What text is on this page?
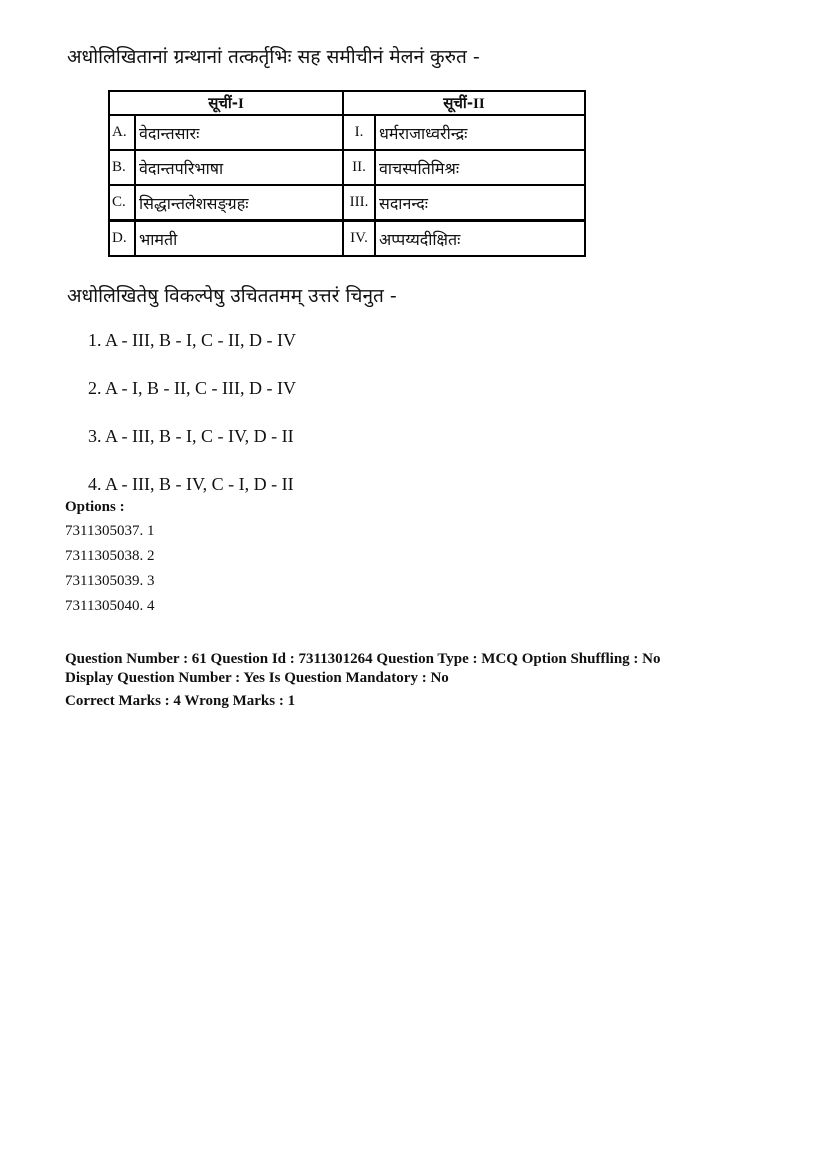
अधोलिखितानां ग्रन्थानां तत्कर्तृभिः सह समीचीनं मेलनं कुरुत -
सूचीं-I		सूचीं-II	
A.	वेदान्तसारः	I.	धर्मराजाध्वरीन्द्रः
B.	वेदान्तपरिभाषा	II.	वाचस्पतिमिश्रः
C.	सिद्धान्तलेशसङ्ग्रहः	III.	सदानन्दः
D.	भामती	IV.	अप्पय्यदीक्षितः
अधोलिखितेषु विकल्पेषु उचिततमम् उत्तरं चिनुत -
1. A - III, B - I, C - II, D - IV
2. A - I, B - II, C - III, D - IV
3. A - III, B - I, C - IV, D - II
4. A - III, B - IV, C - I, D - II
Options :
7311305037. 1
7311305038. 2
7311305039. 3
7311305040. 4
Question Number : 61 Question Id : 7311301264 Question Type : MCQ Option Shuffling : No
Display Question Number : Yes Is Question Mandatory : No
Correct Marks : 4 Wrong Marks : 1
